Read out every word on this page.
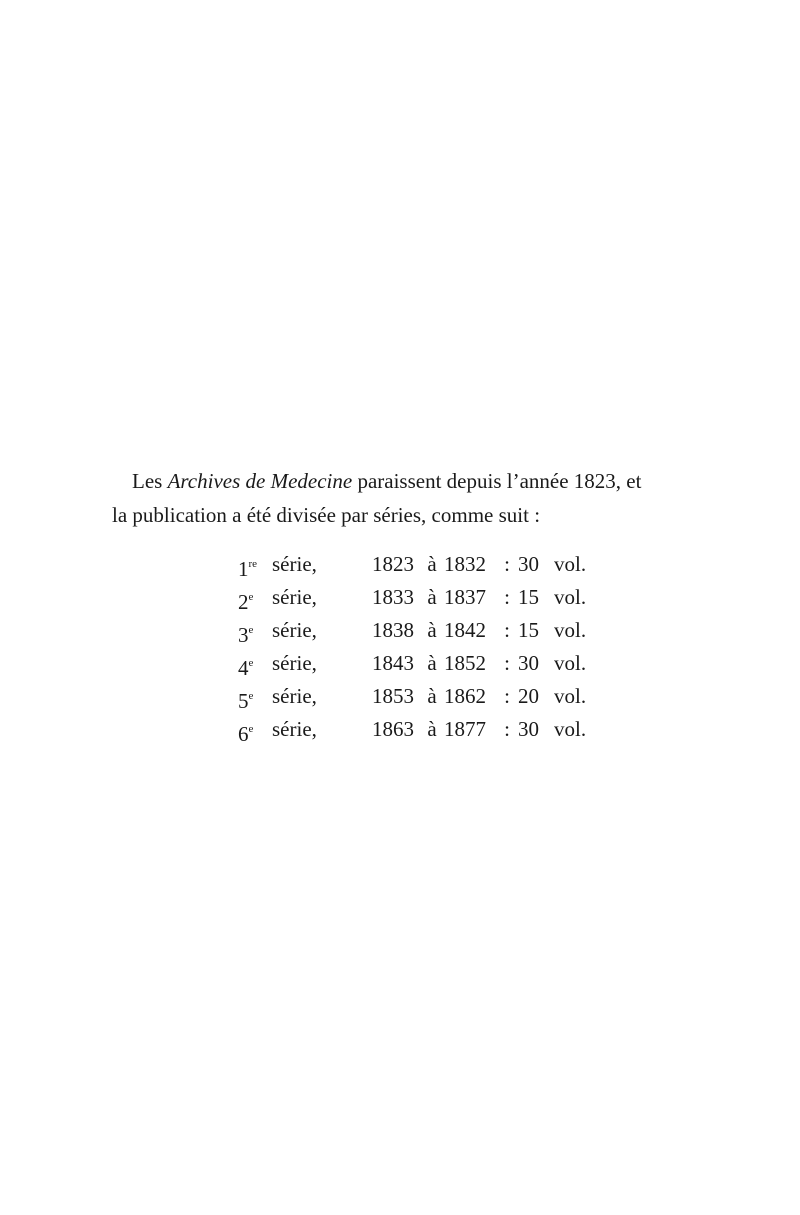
Les Archives de Medecine paraissent depuis l’année 1823, et
la publication a été divisée par séries, comme suit :
1re série,	1823 à 1832 : 30 vol.
2e série,	1833 à 1837 : 15 vol.
3e série,	1838 à 1842 : 15 vol.
4e série,	1843 à 1852 : 30 vol.
5e série,	1853 à 1862 : 20 vol.
6e série,	1863 à 1877 : 30 vol.
